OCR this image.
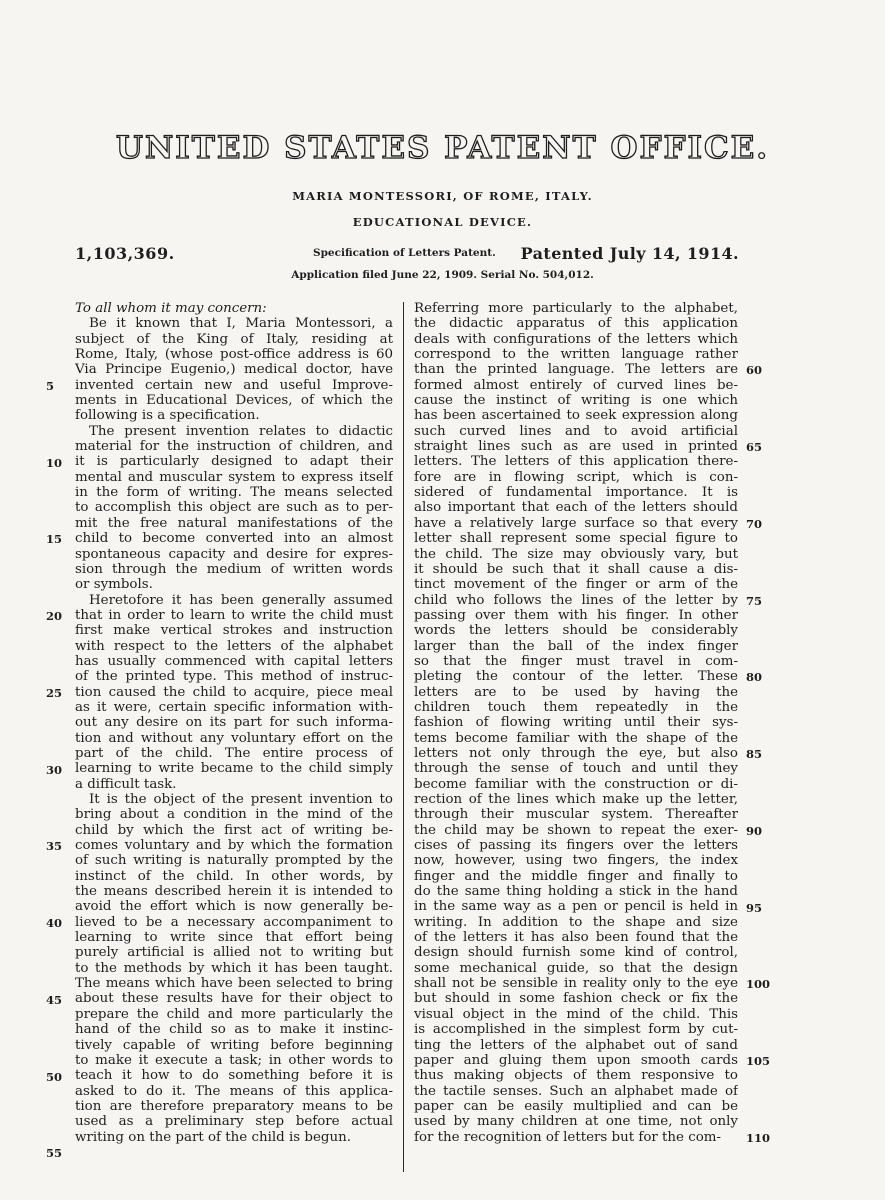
UNITED STATES PATENT OFFICE.
MARIA MONTESSORI, OF ROME, ITALY.
EDUCATIONAL DEVICE.
1,103,369.	Specification of Letters Patent. Patented July 14, 1914.
Application filed June 22, 1909. Serial No. 504,012.
To all whom it may concern:
Be it known that I, Maria Montessori, a
subject of the King of Italy, residing at
Rome, Italy, (whose post-office address is 60
Via Principe Eugenio,) medical doctor, have
invented certain new and useful Improve-
ments in Educational Devices, of which the
following is a specification.
The present invention relates to didactic
material for the instruction of children, and
it is particularly designed to adapt their
mental and muscular system to express itself
in the form of writing. The means selected
to accomplish this object are such as to per-
mit the free natural manifestations of the
child to become converted into an almost
spontaneous capacity and desire for expres-
sion through the medium of written words
or symbols.
Heretofore it has been generally assumed
that in order to learn to write the child must
first make vertical strokes and instruction
with respect to the letters of the alphabet
has usually commenced with capital letters
of the printed type. This method of instruc-
tion caused the child to acquire, piece meal
as it were, certain specific information with-
out any desire on its part for such informa-
tion and without any voluntary effort on the
part of the child. The entire process of
learning to write became to the child simply
a difficult task.
It is the object of the present invention to
bring about a condition in the mind of the
child by which the first act of writing be-
comes voluntary and by which the formation
of such writing is naturally prompted by the
instinct of the child. In other words, by
the means described herein it is intended to
avoid the effort which is now generally be-
lieved to be a necessary accompaniment to
learning to write since that effort being
purely artificial is allied not to writing but
to the methods by which it has been taught.
The means which have been selected to bring
about these results have for their object to
prepare the child and more particularly the
hand of the child so as to make it instinc-
tively capable of writing before beginning
to make it execute a task; in other words to
teach it how to do something before it is
asked to do it. The means of this applica-
tion are therefore preparatory means to be
used as a preliminary step before actual
writing on the part of the child is begun.
Referring more particularly to the alphabet,
the didactic apparatus of this application
deals with configurations of the letters which
correspond to the written language rather
than the printed language. The letters are
formed almost entirely of curved lines be-
cause the instinct of writing is one which
has been ascertained to seek expression along
such curved lines and to avoid artificial
straight lines such as are used in printed
letters. The letters of this application there-
fore are in flowing script, which is con-
sidered of fundamental importance. It is
also important that each of the letters should
have a relatively large surface so that every
letter shall represent some special figure to
the child. The size may obviously vary, but
it should be such that it shall cause a dis-
tinct movement of the finger or arm of the
child who follows the lines of the letter by
passing over them with his finger. In other
words the letters should be considerably
larger than the ball of the index finger
so that the finger must travel in com-
pleting the contour of the letter. These
letters are to be used by having the
children touch them repeatedly in the
fashion of flowing writing until their sys-
tems become familiar with the shape of the
letters not only through the eye, but also
through the sense of touch and until they
become familiar with the construction or di-
rection of the lines which make up the letter,
through their muscular system. Thereafter
the child may be shown to repeat the exer-
cises of passing its fingers over the letters
now, however, using two fingers, the index
finger and the middle finger and finally to
do the same thing holding a stick in the hand
in the same way as a pen or pencil is held in
writing. In addition to the shape and size
of the letters it has also been found that the
design should furnish some kind of control,
some mechanical guide, so that the design
shall not be sensible in reality only to the eye
but should in some fashion check or fix the
visual object in the mind of the child. This
is accomplished in the simplest form by cut-
ting the letters of the alphabet out of sand
paper and gluing them upon smooth cards
thus making objects of them responsive to
the tactile senses. Such an alphabet made of
paper can be easily multiplied and can be
used by many children at one time, not only
for the recognition of letters but for the com-
5
10
15
20
25
30
35
40
45
50
55
60
65
70
75
80
85
90
95
100
105
110
